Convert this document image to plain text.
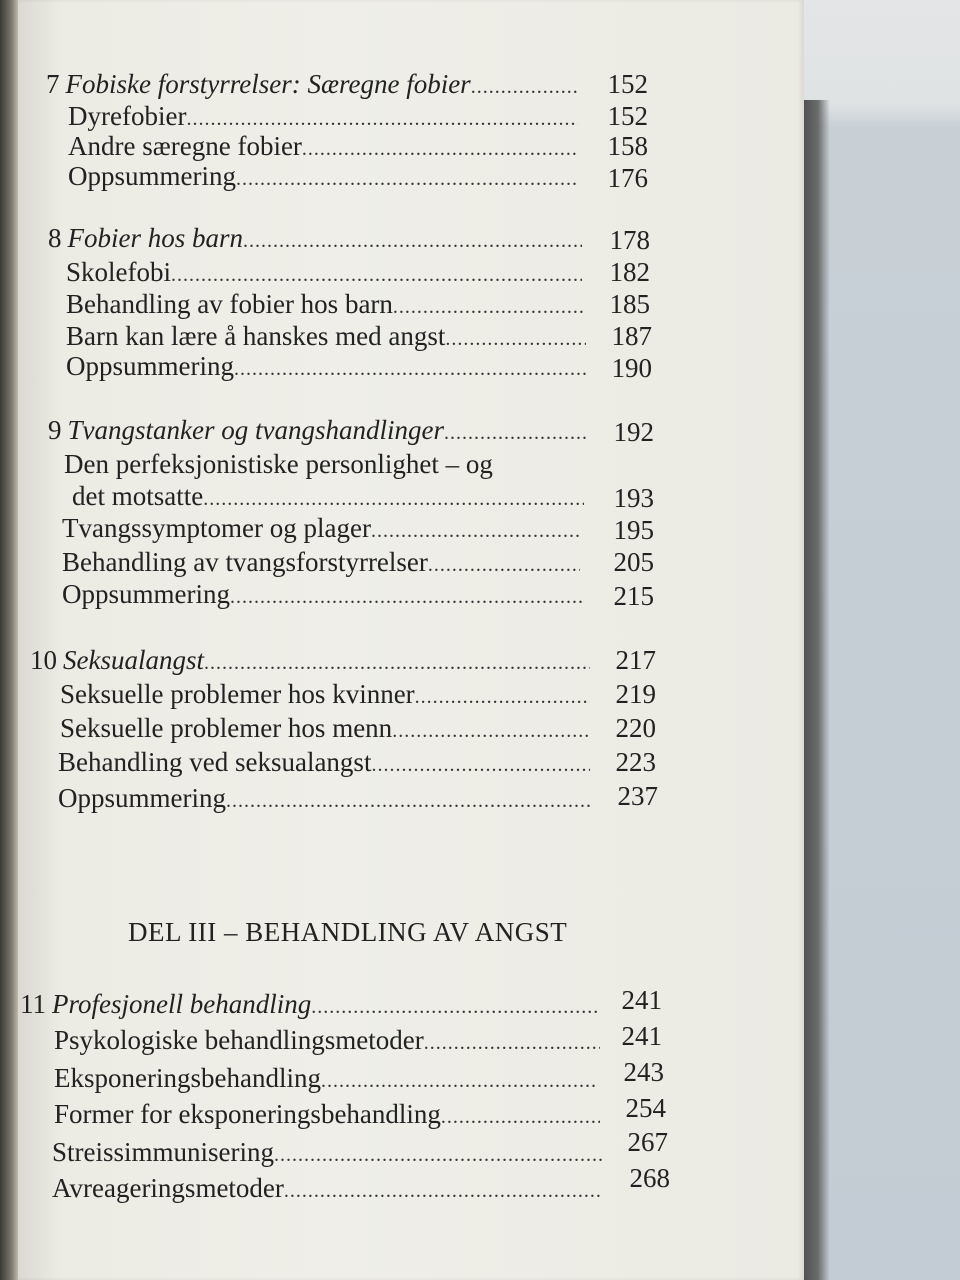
7 Fobiske forstyrrelser: Særegne fobier .....	152
Dyrefobier .....	152
Andre særegne fobier .....	158
Oppsummering .....	176
8 Fobier hos barn .....	178
Skolefobi .....	182
Behandling av fobier hos barn .....	185
Barn kan lære å hanskes med angst .....	187
Oppsummering .....	190
9 Tvangstanker og tvangshandlinger .....	192
Den perfeksjonistiske personlighet – og
det motsatte .....	193
Tvangssymptomer og plager .....	195
Behandling av tvangsforstyrrelser .....	205
Oppsummering .....	215
10 Seksualangst .....	217
Seksuelle problemer hos kvinner .....	219
Seksuelle problemer hos menn .....	220
Behandling ved seksualangst .....	223
Oppsummering .....	237
DEL III – BEHANDLING AV ANGST
11 Profesjonell behandling .....	241
Psykologiske behandlingsmetoder .....	241
Eksponeringsbehandling .....	243
Former for eksponeringsbehandling .....	254
Streissimmunisering .....	267
Avreageringsmetoder .....	268
